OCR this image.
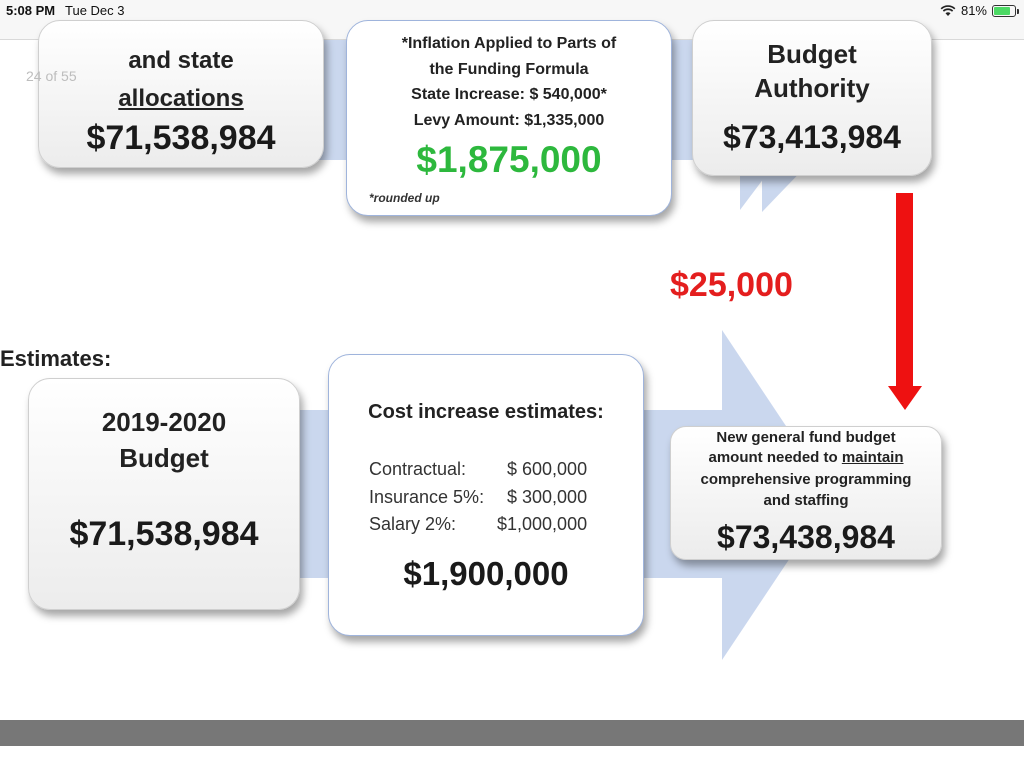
5:08 PM Tue Dec 3	81%
24 of 55
and state
allocations
$71,538,984
*Inflation Applied to Parts of
the Funding Formula
State Increase: $ 540,000*
Levy Amount: $1,335,000
$1,875,000
*rounded up
Budget
Authority
$73,413,984
$25,000
Estimates:
2019-2020
Budget
$71,538,984
Cost increase estimates:
Contractual: $ 600,000
Insurance 5%: $ 300,000
Salary 2%: $1,000,000
$1,900,000
New general fund budget
amount needed to maintain
comprehensive programming
and staffing
$73,438,984
